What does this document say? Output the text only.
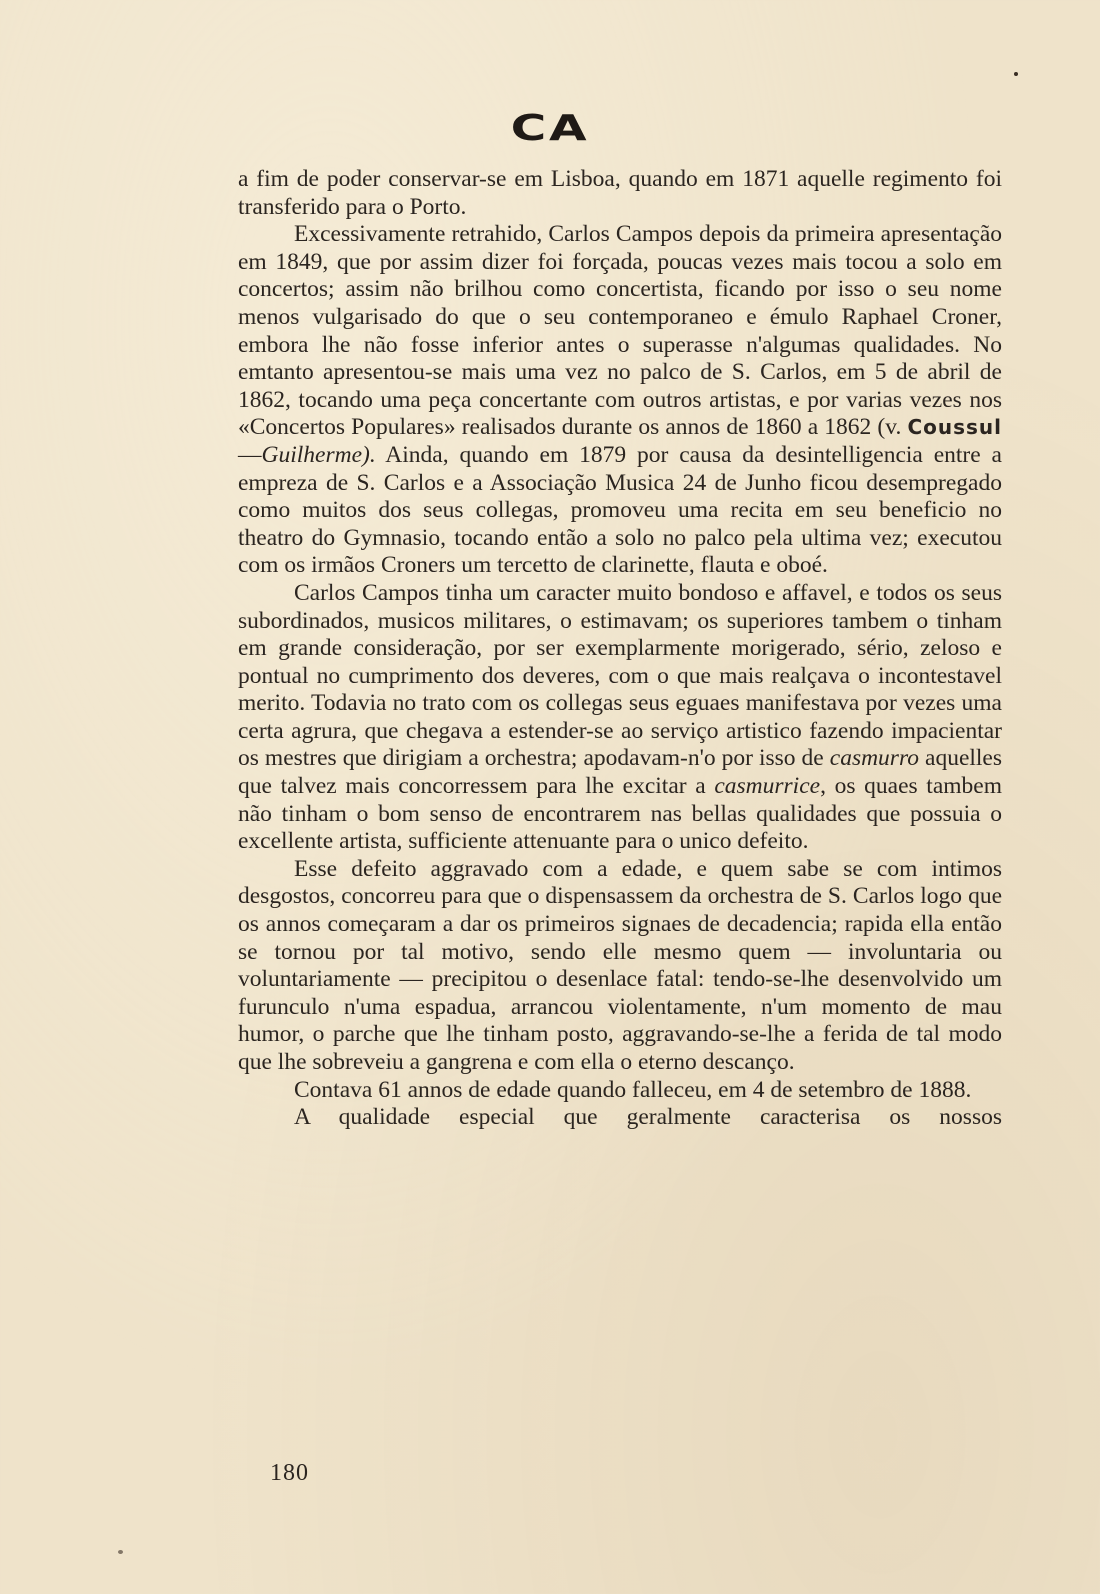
CA

a fim de poder conservar-se em Lisboa, quando em 1871 aquelle regimento foi transferido para o Porto.

Excessivamente retrahido, Carlos Campos depois da primeira apresentação em 1849, que por assim dizer foi forçada, poucas vezes mais tocou a solo em concertos; assim não brilhou como concertista, ficando por isso o seu nome menos vulgarisado do que o seu contemporaneo e émulo Raphael Croner, embora lhe não fosse inferior antes o superasse n'algumas qualidades. No emtanto apresentou-se mais uma vez no palco de S. Carlos, em 5 de abril de 1862, tocando uma peça concertante com outros artistas, e por varias vezes nos «Concertos Populares» realisados durante os annos de 1860 a 1862 (v. Coussul—Guilherme). Ainda, quando em 1879 por causa da desintelligencia entre a empreza de S. Carlos e a Associação Musica 24 de Junho ficou desempregado como muitos dos seus collegas, promoveu uma recita em seu beneficio no theatro do Gymnasio, tocando então a solo no palco pela ultima vez; executou com os irmãos Croners um tercetto de clarinette, flauta e oboé.

Carlos Campos tinha um caracter muito bondoso e affavel, e todos os seus subordinados, musicos militares, o estimavam; os superiores tambem o tinham em grande consideração, por ser exemplarmente morigerado, sério, zeloso e pontual no cumprimento dos deveres, com o que mais realçava o incontestavel merito. Todavia no trato com os collegas seus eguaes manifestava por vezes uma certa agrura, que chegava a estender-se ao serviço artistico fazendo impacientar os mestres que dirigiam a orchestra; apodavam-n'o por isso de casmurro aquelles que talvez mais concorressem para lhe excitar a casmurrice, os quaes tambem não tinham o bom senso de encontrarem nas bellas qualidades que possuia o excellente artista, sufficiente attenuante para o unico defeito.

Esse defeito aggravado com a edade, e quem sabe se com intimos desgostos, concorreu para que o dispensassem da orchestra de S. Carlos logo que os annos começaram a dar os primeiros signaes de decadencia; rapida ella então se tornou por tal motivo, sendo elle mesmo quem — involuntaria ou voluntariamente — precipitou o desenlace fatal: tendo-se-lhe desenvolvido um furunculo n'uma espadua, arrancou violentamente, n'um momento de mau humor, o parche que lhe tinham posto, aggravando-se-lhe a ferida de tal modo que lhe sobreveiu a gangrena e com ella o eterno descanço.

Contava 61 annos de edade quando falleceu, em 4 de setembro de 1888.

A qualidade especial que geralmente caracterisa os nossos

180
